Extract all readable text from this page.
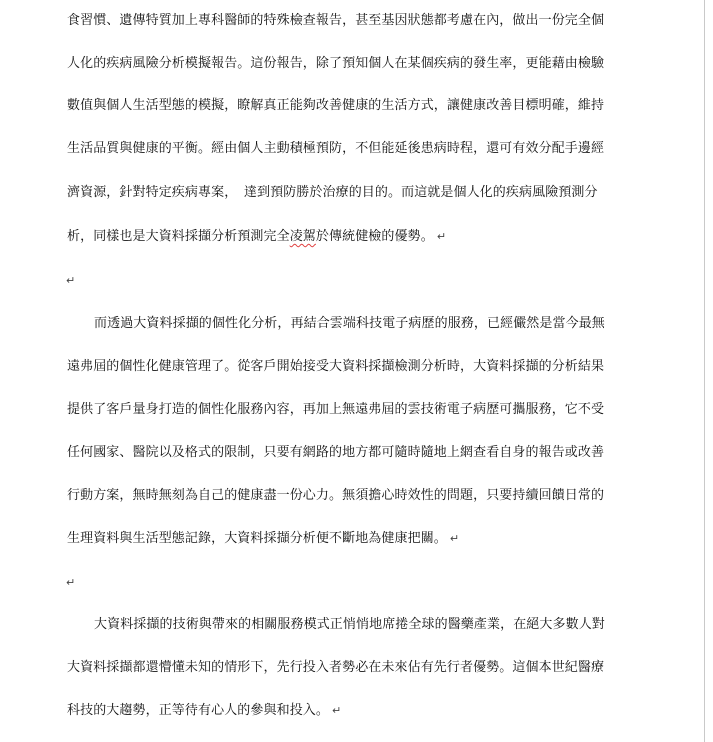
食習慣、遺傳特質加上專科醫師的特殊檢查報告，甚至基因狀態都考慮在內，做出一份完全個
人化的疾病風險分析模擬報告。這份報告，除了預知個人在某個疾病的發生率，更能藉由檢驗
數值與個人生活型態的模擬，瞭解真正能夠改善健康的生活方式，讓健康改善目標明確，維持
生活品質與健康的平衡。經由個人主動積極預防，不但能延後患病時程，還可有效分配手邊經
濟資源，針對特定疾病專案，　達到預防勝於治療的目的。而這就是個人化的疾病風險預測分
析，同樣也是大資料採擷分析預測完全凌駕於傳統健檢的優勢。 ↵
↵
而透過大資料採擷的個性化分析，再結合雲端科技電子病歷的服務，已經儼然是當今最無
遠弗屆的個性化健康管理了。從客戶開始接受大資料採擷檢測分析時，大資料採擷的分析結果
提供了客戶量身打造的個性化服務內容，再加上無遠弗屆的雲技術電子病歷可攜服務，它不受
任何國家、醫院以及格式的限制，只要有網路的地方都可隨時隨地上網查看自身的報告或改善
行動方案，無時無刻為自己的健康盡一份心力。無須擔心時效性的問題，只要持續回饋日常的
生理資料與生活型態記錄，大資料採擷分析便不斷地為健康把關。 ↵
↵
大資料採擷的技術與帶來的相關服務模式正悄悄地席捲全球的醫藥產業，在絕大多數人對
大資料採擷都還懵懂未知的情形下，先行投入者勢必在未來佔有先行者優勢。這個本世紀醫療
科技的大趨勢，正等待有心人的參與和投入。 ↵
